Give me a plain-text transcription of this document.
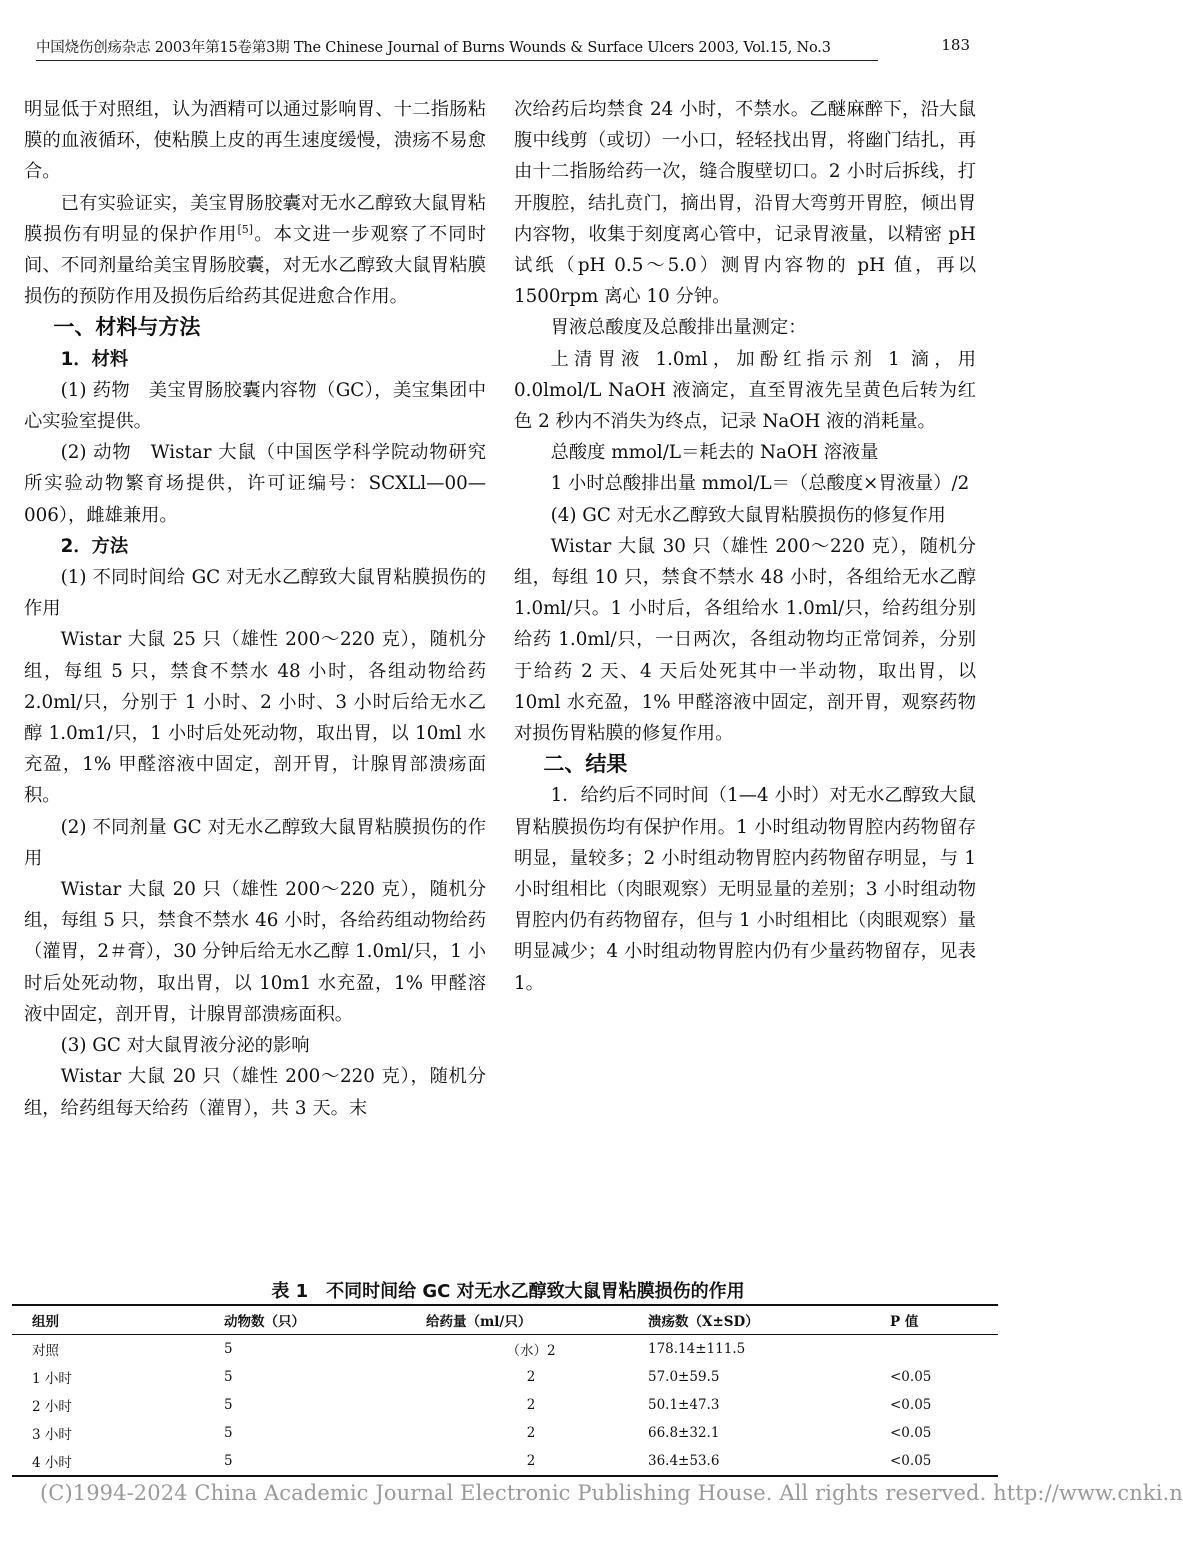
中国烧伤创疡杂志 2003年第15卷第3期 The Chinese Journal of Burns Wounds & Surface Ulcers 2003, Vol.15, No.3	183

明显低于对照组，认为酒精可以通过影响胃、十二指肠粘膜的血液循环，使粘膜上皮的再生速度缓慢，溃疡不易愈合。

已有实验证实，美宝胃肠胶囊对无水乙醇致大鼠胃粘膜损伤有明显的保护作用[5]。本文进一步观察了不同时间、不同剂量给美宝胃肠胶囊，对无水乙醇致大鼠胃粘膜损伤的预防作用及损伤后给药其促进愈合作用。

一、材料与方法

1．材料

(1) 药物　美宝胃肠胶囊内容物（GC），美宝集团中心实验室提供。

(2) 动物　Wistar 大鼠（中国医学科学院动物研究所实验动物繁育场提供，许可证编号：SCXLl—00—006），雌雄兼用。

2．方法

(1) 不同时间给 GC 对无水乙醇致大鼠胃粘膜损伤的作用

Wistar 大鼠 25 只（雄性 200～220 克），随机分组，每组 5 只，禁食不禁水 48 小时，各组动物给药 2.0ml/只，分别于 1 小时、2 小时、3 小时后给无水乙醇 1.0m1/只，1 小时后处死动物，取出胃，以 10ml 水充盈，1% 甲醛溶液中固定，剖开胃，计腺胃部溃疡面积。

(2) 不同剂量 GC 对无水乙醇致大鼠胃粘膜损伤的作用

Wistar 大鼠 20 只（雄性 200～220 克），随机分组，每组 5 只，禁食不禁水 46 小时，各给药组动物给药（灌胃，2＃膏），30 分钟后给无水乙醇 1.0ml/只，1 小时后处死动物，取出胃，以 10m1 水充盈，1% 甲醛溶液中固定，剖开胃，计腺胃部溃疡面积。

(3) GC 对大鼠胃液分泌的影响

Wistar 大鼠 20 只（雄性 200～220 克），随机分组，给药组每天给药（灌胃），共 3 天。末

次给药后均禁食 24 小时，不禁水。乙醚麻醉下，沿大鼠腹中线剪（或切）一小口，轻轻找出胃，将幽门结扎，再由十二指肠给药一次，缝合腹壁切口。2 小时后拆线，打开腹腔，结扎贲门，摘出胃，沿胃大弯剪开胃腔，倾出胃内容物，收集于刻度离心管中，记录胃液量，以精密 pH 试纸（pH 0.5～5.0）测胃内容物的 pH 值，再以 1500rpm 离心 10 分钟。

胃液总酸度及总酸排出量测定：

上清胃液 1.0ml，加酚红指示剂 1 滴，用 0.0lmol/L NaOH 液滴定，直至胃液先呈黄色后转为红色 2 秒内不消失为终点，记录 NaOH 液的消耗量。

总酸度 mmol/L＝耗去的 NaOH 溶液量

1 小时总酸排出量 mmol/L＝（总酸度×胃液量）/2

(4) GC 对无水乙醇致大鼠胃粘膜损伤的修复作用

Wistar 大鼠 30 只（雄性 200～220 克），随机分组，每组 10 只，禁食不禁水 48 小时，各组给无水乙醇 1.0ml/只。1 小时后，各组给水 1.0ml/只，给药组分别给药 1.0ml/只，一日两次，各组动物均正常饲养，分别于给药 2 天、4 天后处死其中一半动物，取出胃，以 10ml 水充盈，1% 甲醛溶液中固定，剖开胃，观察药物对损伤胃粘膜的修复作用。

二、结果

1．给约后不同时间（1—4 小时）对无水乙醇致大鼠胃粘膜损伤均有保护作用。1 小时组动物胃腔内药物留存明显，量较多；2 小时组动物胃腔内药物留存明显，与 1 小时组相比（肉眼观察）无明显量的差别；3 小时组动物胃腔内仍有药物留存，但与 1 小时组相比（肉眼观察）量明显减少；4 小时组动物胃腔内仍有少量药物留存，见表 1。

表 1　不同时间给 GC 对无水乙醇致大鼠胃粘膜损伤的作用
组别	动物数（只）	给药量（ml/只）	溃疡数（X±SD）	P 值
对照	5	（水）2	178.14±111.5	
1 小时	5	2	57.0±59.5	<0.05
2 小时	5	2	50.1±47.3	<0.05
3 小时	5	2	66.8±32.1	<0.05
4 小时	5	2	36.4±53.6	<0.05
(C)1994-2024 China Academic Journal Electronic Publishing House. All rights reserved. http://www.cnki.n
